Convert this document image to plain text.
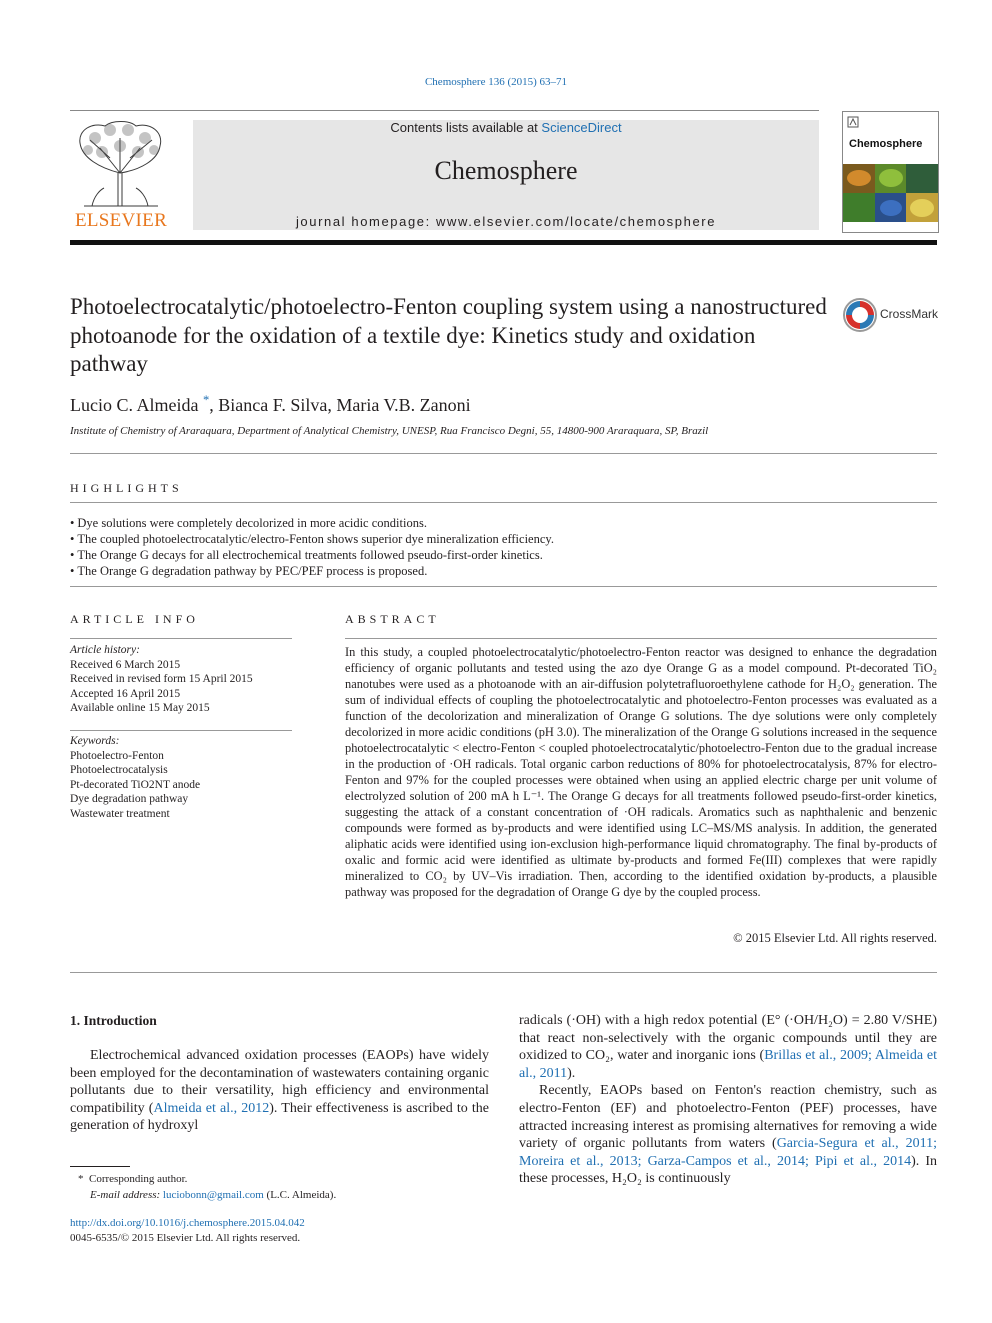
Chemosphere 136 (2015) 63–71
ELSEVIER
Contents lists available at ScienceDirect
Chemosphere
journal homepage: www.elsevier.com/locate/chemosphere
Chemosphere
Photoelectrocatalytic/photoelectro-Fenton coupling system using a nanostructured photoanode for the oxidation of a textile dye: Kinetics study and oxidation pathway
CrossMark
Lucio C. Almeida *, Bianca F. Silva, Maria V.B. Zanoni
Institute of Chemistry of Araraquara, Department of Analytical Chemistry, UNESP, Rua Francisco Degni, 55, 14800-900 Araraquara, SP, Brazil
HIGHLIGHTS
• Dye solutions were completely decolorized in more acidic conditions.
• The coupled photoelectrocatalytic/electro-Fenton shows superior dye mineralization efficiency.
• The Orange G decays for all electrochemical treatments followed pseudo-first-order kinetics.
• The Orange G degradation pathway by PEC/PEF process is proposed.
ARTICLE INFO
Article history:
Received 6 March 2015
Received in revised form 15 April 2015
Accepted 16 April 2015
Available online 15 May 2015
Keywords:
Photoelectro-Fenton
Photoelectrocatalysis
Pt-decorated TiO2NT anode
Dye degradation pathway
Wastewater treatment
ABSTRACT
In this study, a coupled photoelectrocatalytic/photoelectro-Fenton reactor was designed to enhance the degradation efficiency of organic pollutants and tested using the azo dye Orange G as a model compound. Pt-decorated TiO₂ nanotubes were used as a photoanode with an air-diffusion polytetrafluoroethylene cathode for H₂O₂ generation. The sum of individual effects of coupling the photoelectrocatalytic and photoelectro-Fenton processes was evaluated as a function of the decolorization and mineralization of Orange G solutions. The dye solutions were only completely decolorized in more acidic conditions (pH 3.0). The mineralization of the Orange G solutions increased in the sequence photoelectrocatalytic < electro-Fenton < coupled photoelectrocatalytic/photoelectro-Fenton due to the gradual increase in the production of ·OH radicals. Total organic carbon reductions of 80% for photoelectrocatalysis, 87% for electro-Fenton and 97% for the coupled processes were obtained when using an applied electric charge per unit volume of electrolyzed solution of 200 mA h L⁻¹. The Orange G decays for all treatments followed pseudo-first-order kinetics, suggesting the attack of a constant concentration of ·OH radicals. Aromatics such as naphthalenic and benzenic compounds were formed as by-products and were identified using LC–MS/MS analysis. In addition, the generated aliphatic acids were identified using ion-exclusion high-performance liquid chromatography. The final by-products of oxalic and formic acid were identified as ultimate by-products and formed Fe(III) complexes that were rapidly mineralized to CO₂ by UV–Vis irradiation. Then, according to the identified oxidation by-products, a plausible pathway was proposed for the degradation of Orange G dye by the coupled process.
© 2015 Elsevier Ltd. All rights reserved.
1. Introduction

Electrochemical advanced oxidation processes (EAOPs) have widely been employed for the decontamination of wastewaters containing organic pollutants due to their versatility, high efficiency and environmental compatibility (Almeida et al., 2012). Their effectiveness is ascribed to the generation of hydroxyl

radicals (·OH) with a high redox potential (E° (·OH/H₂O) = 2.80 V/SHE) that react non-selectively with the organic compounds until they are oxidized to CO₂, water and inorganic ions (Brillas et al., 2009; Almeida et al., 2011).

Recently, EAOPs based on Fenton's reaction chemistry, such as electro-Fenton (EF) and photoelectro-Fenton (PEF) processes, have attracted increasing interest as promising alternatives for removing a wide variety of organic pollutants from waters (Garcia-Segura et al., 2011; Moreira et al., 2013; Garza-Campos et al., 2014; Pipi et al., 2014). In these processes, H₂O₂ is continuously

* Corresponding author.
E-mail address: luciobonn@gmail.com (L.C. Almeida).
http://dx.doi.org/10.1016/j.chemosphere.2015.04.042
0045-6535/© 2015 Elsevier Ltd. All rights reserved.
